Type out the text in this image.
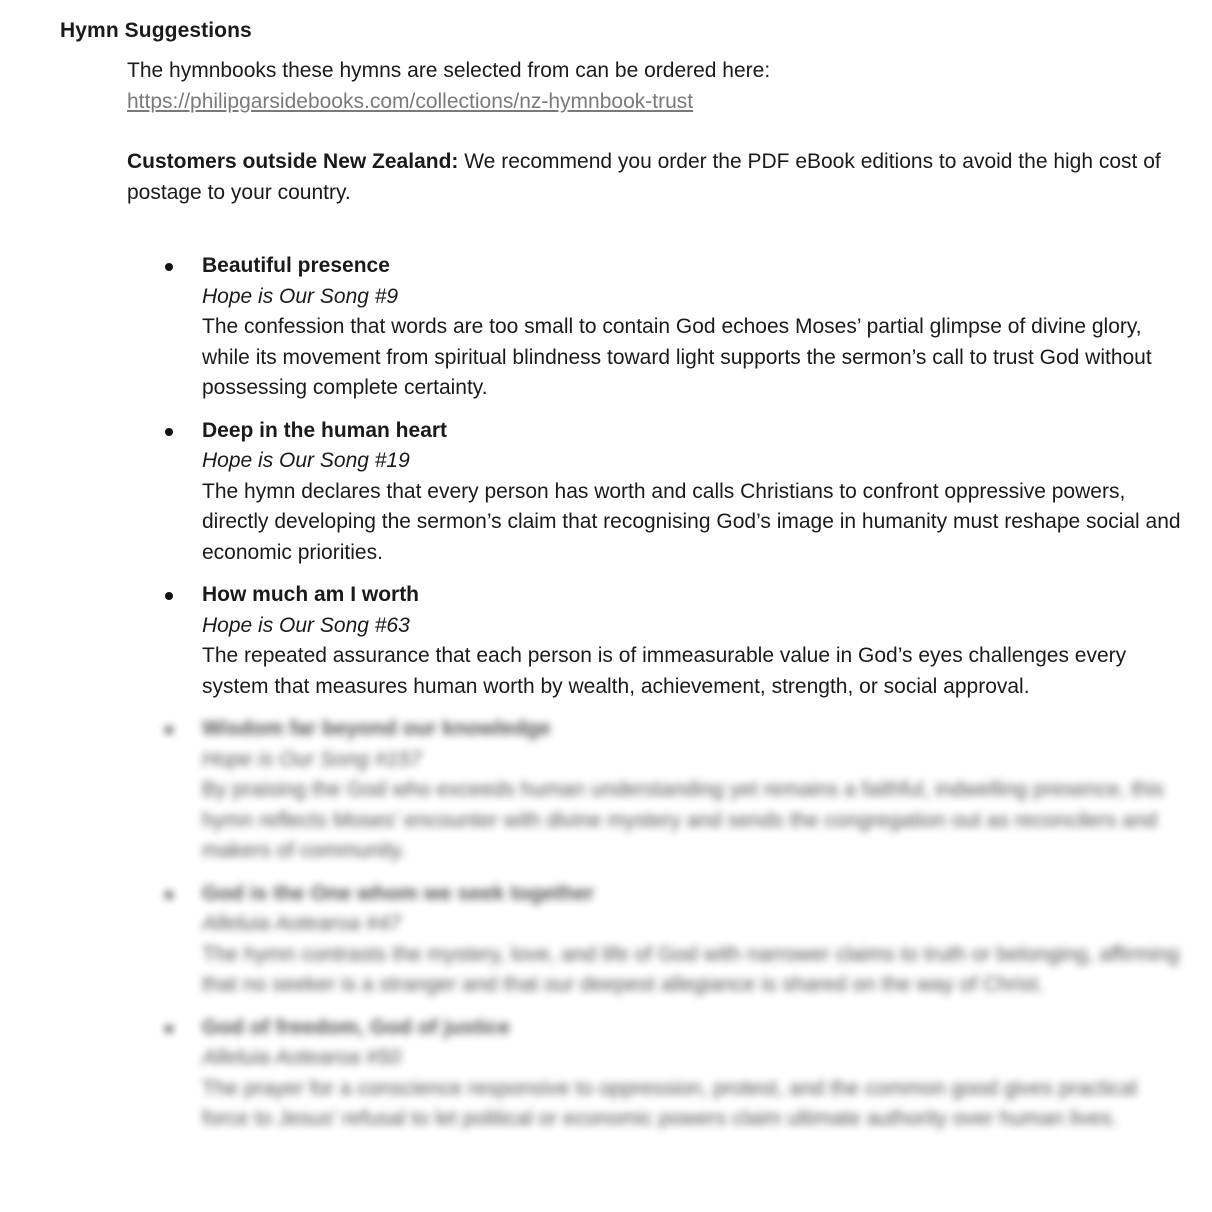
Hymn Suggestions
The hymnbooks these hymns are selected from can be ordered here:
https://philipgarsidebooks.com/collections/nz-hymnbook-trust
Customers outside New Zealand: We recommend you order the PDF eBook editions to avoid the high cost of postage to your country.
Beautiful presence
Hope is Our Song #9
The confession that words are too small to contain God echoes Moses’ partial glimpse of divine glory, while its movement from spiritual blindness toward light supports the sermon’s call to trust God without possessing complete certainty.
Deep in the human heart
Hope is Our Song #19
The hymn declares that every person has worth and calls Christians to confront oppressive powers, directly developing the sermon’s claim that recognising God’s image in humanity must reshape social and economic priorities.
How much am I worth
Hope is Our Song #63
The repeated assurance that each person is of immeasurable value in God’s eyes challenges every system that measures human worth by wealth, achievement, strength, or social approval.
Wisdom far beyond our knowledge
Hope is Our Song #157
By praising the God who exceeds human understanding yet remains a faithful, indwelling presence, this hymn reflects Moses’ encounter with divine mystery and sends the congregation out as reconcilers and makers of community.
God is the One whom we seek together
Alleluia Aotearoa #47
The hymn contrasts the mystery, love, and life of God with narrower claims to truth or belonging, affirming that no seeker is a stranger and that our deepest allegiance is shared on the way of Christ.
God of freedom, God of justice
Alleluia Aotearoa #50
The prayer for a conscience responsive to oppression, protest, and the common good gives practical force to Jesus’ refusal to let political or economic powers claim ultimate authority over human lives.
